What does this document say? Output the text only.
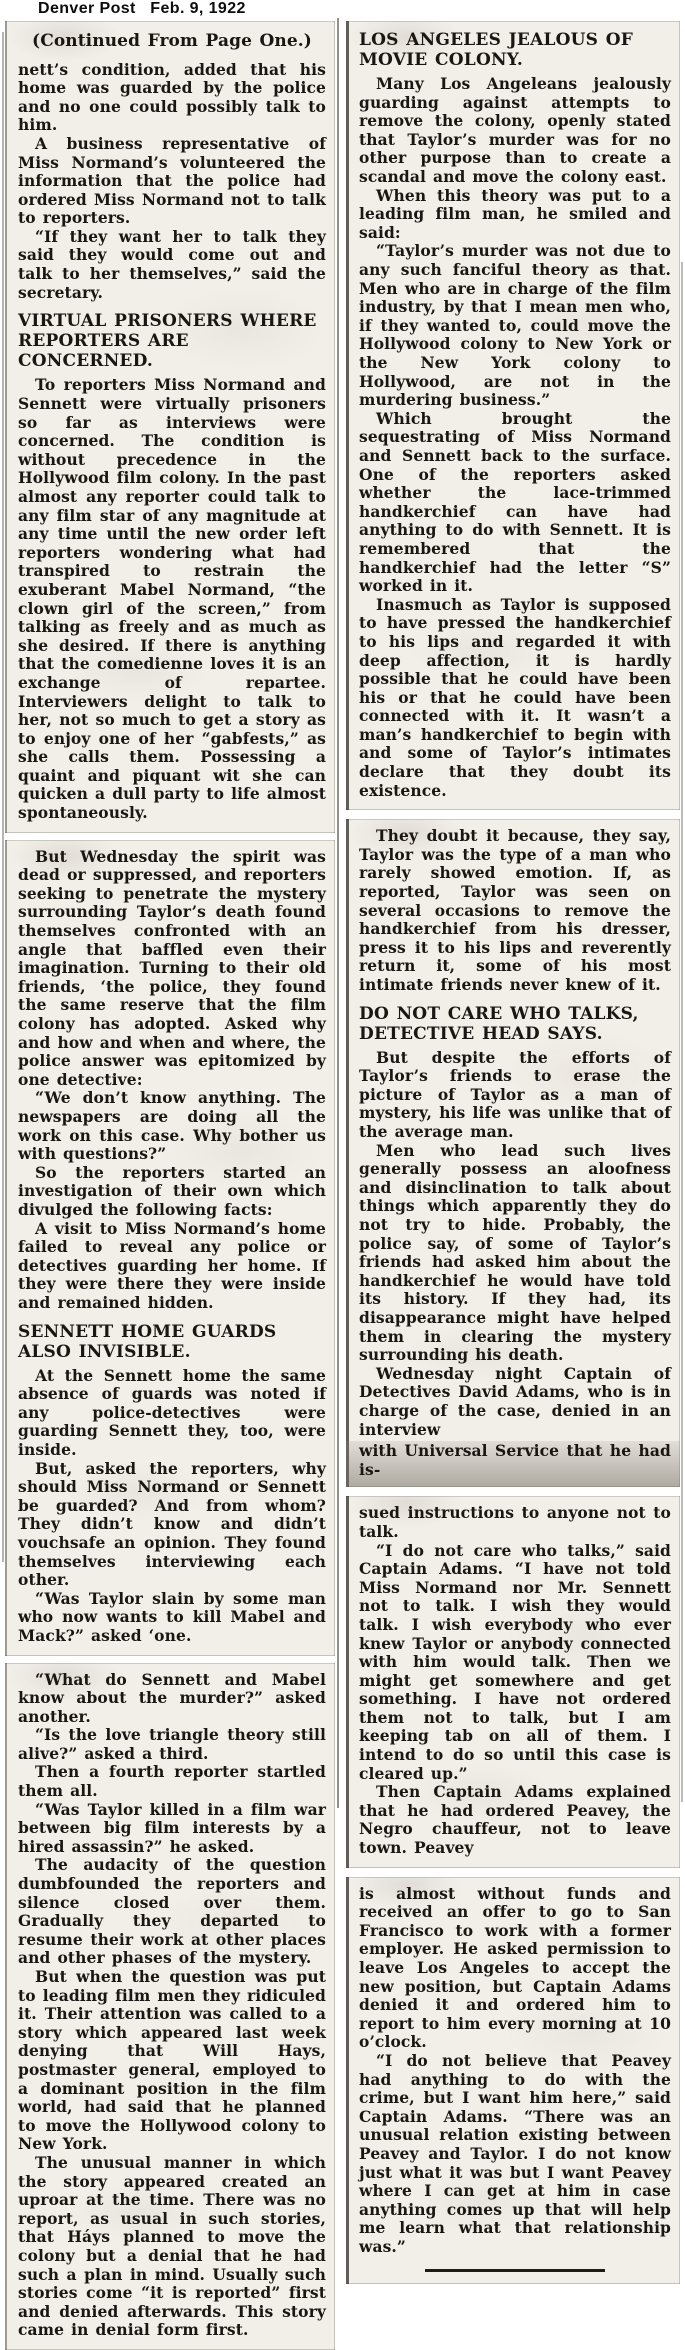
Denver Post   Feb. 9, 1922
(Continued From Page One.)

nett’s condition, added that his home was guarded by the police and no one could possibly talk to him.

A business representative of Miss Normand’s volunteered the information that the police had ordered Miss Normand not to talk to reporters.

“If they want her to talk they said they would come out and talk to her themselves,” said the secretary.

VIRTUAL PRISONERS WHERE REPORTERS ARE CONCERNED.

To reporters Miss Normand and Sennett were virtually prisoners so far as interviews were concerned. The condition is without precedence in the Hollywood film colony. In the past almost any reporter could talk to any film star of any magnitude at any time until the new order left reporters wondering what had transpired to restrain the exuberant Mabel Normand, “the clown girl of the screen,” from talking as freely and as much as she desired. If there is anything that the comedienne loves it is an exchange of repartee. Interviewers delight to talk to her, not so much to get a story as to enjoy one of her “gabfests,” as she calls them. Possessing a quaint and piquant wit she can quicken a dull party to life almost spontaneously.

But Wednesday the spirit was dead or suppressed, and reporters seeking to penetrate the mystery surrounding Taylor’s death found themselves confronted with an angle that baffled even their imagination. Turning to their old friends, ‘the police, they found the same reserve that the film colony has adopted. Asked why and how and when and where, the police answer was epitomized by one detective:

“We don’t know anything. The newspapers are doing all the work on this case. Why bother us with questions?”

So the reporters started an investigation of their own which divulged the following facts:

A visit to Miss Normand’s home failed to reveal any police or detectives guarding her home. If they were there they were inside and remained hidden.

SENNETT HOME GUARDS ALSO INVISIBLE.

At the Sennett home the same absence of guards was noted if any police-detectives were guarding Sennett they, too, were inside.

But, asked the reporters, why should Miss Normand or Sennett be guarded? And from whom? They didn’t know and didn’t vouchsafe an opinion. They found themselves interviewing each other.

“Was Taylor slain by some man who now wants to kill Mabel and Mack?” asked ‘one.

“What do Sennett and Mabel know about the murder?” asked another.

“Is the love triangle theory still alive?” asked a third.

Then a fourth reporter startled them all.

“Was Taylor killed in a film war between big film interests by a hired assassin?” he asked.

The audacity of the question dumbfounded the reporters and silence closed over them. Gradually they departed to resume their work at other places and other phases of the mystery.

But when the question was put to leading film men they ridiculed it. Their attention was called to a story which appeared last week denying that Will Hays, postmaster general, employed to a dominant position in the film world, had said that he planned to move the Hollywood colony to New York.

The unusual manner in which the story appeared created an uproar at the time. There was no report, as usual in such stories, that Háys planned to move the colony but a denial that he had such a plan in mind. Usually such stories come “it is reported” first and denied afterwards. This story came in denial form first.

LOS ANGELES JEALOUS OF MOVIE COLONY.

Many Los Angeleans jealously guarding against attempts to remove the colony, openly stated that Taylor’s murder was for no other purpose than to create a scandal and move the colony east.

When this theory was put to a leading film man, he smiled and said:

“Taylor’s murder was not due to any such fanciful theory as that. Men who are in charge of the film industry, by that I mean men who, if they wanted to, could move the Hollywood colony to New York or the New York colony to Hollywood, are not in the murdering business.”

Which brought the sequestrating of Miss Normand and Sennett back to the surface. One of the reporters asked whether the lace-trimmed handkerchief can have had anything to do with Sennett. It is remembered that the handkerchief had the letter “S” worked in it.

Inasmuch as Taylor is supposed to have pressed the handkerchief to his lips and regarded it with deep affection, it is hardly possible that he could have been his or that he could have been connected with it. It wasn’t a man’s handkerchief to begin with and some of Taylor’s intimates declare that they doubt its existence.

They doubt it because, they say, Taylor was the type of a man who rarely showed emotion. If, as reported, Taylor was seen on several occasions to remove the handkerchief from his dresser, press it to his lips and reverently return it, some of his most intimate friends never knew of it.

DO NOT CARE WHO TALKS, DETECTIVE HEAD SAYS.

But despite the efforts of Taylor’s friends to erase the picture of Taylor as a man of mystery, his life was unlike that of the average man.

Men who lead such lives generally possess an aloofness and disinclination to talk about things which apparently they do not try to hide. Probably, the police say, of some of Taylor’s friends had asked him about the handkerchief he would have told its history. If they had, its disappearance might have helped them in clearing the mystery surrounding his death.

Wednesday night Captain of Detectives David Adams, who is in charge of the case, denied in an interview

with Universal Service that he had is-

sued instructions to anyone not to talk.

“I do not care who talks,” said Captain Adams. “I have not told Miss Normand nor Mr. Sennett not to talk. I wish they would talk. I wish everybody who ever knew Taylor or anybody connected with him would talk. Then we might get somewhere and get something. I have not ordered them not to talk, but I am keeping tab on all of them. I intend to do so until this case is cleared up.”

Then Captain Adams explained that he had ordered Peavey, the Negro chauffeur, not to leave town. Peavey

is almost without funds and received an offer to go to San Francisco to work with a former employer. He asked permission to leave Los Angeles to accept the new position, but Captain Adams denied it and ordered him to report to him every morning at 10 o’clock.

“I do not believe that Peavey had anything to do with the crime, but I want him here,” said Captain Adams. “There was an unusual relation existing between Peavey and Taylor. I do not know just what it was but I want Peavey where I can get at him in case anything comes up that will help me learn what that relationship was.”
